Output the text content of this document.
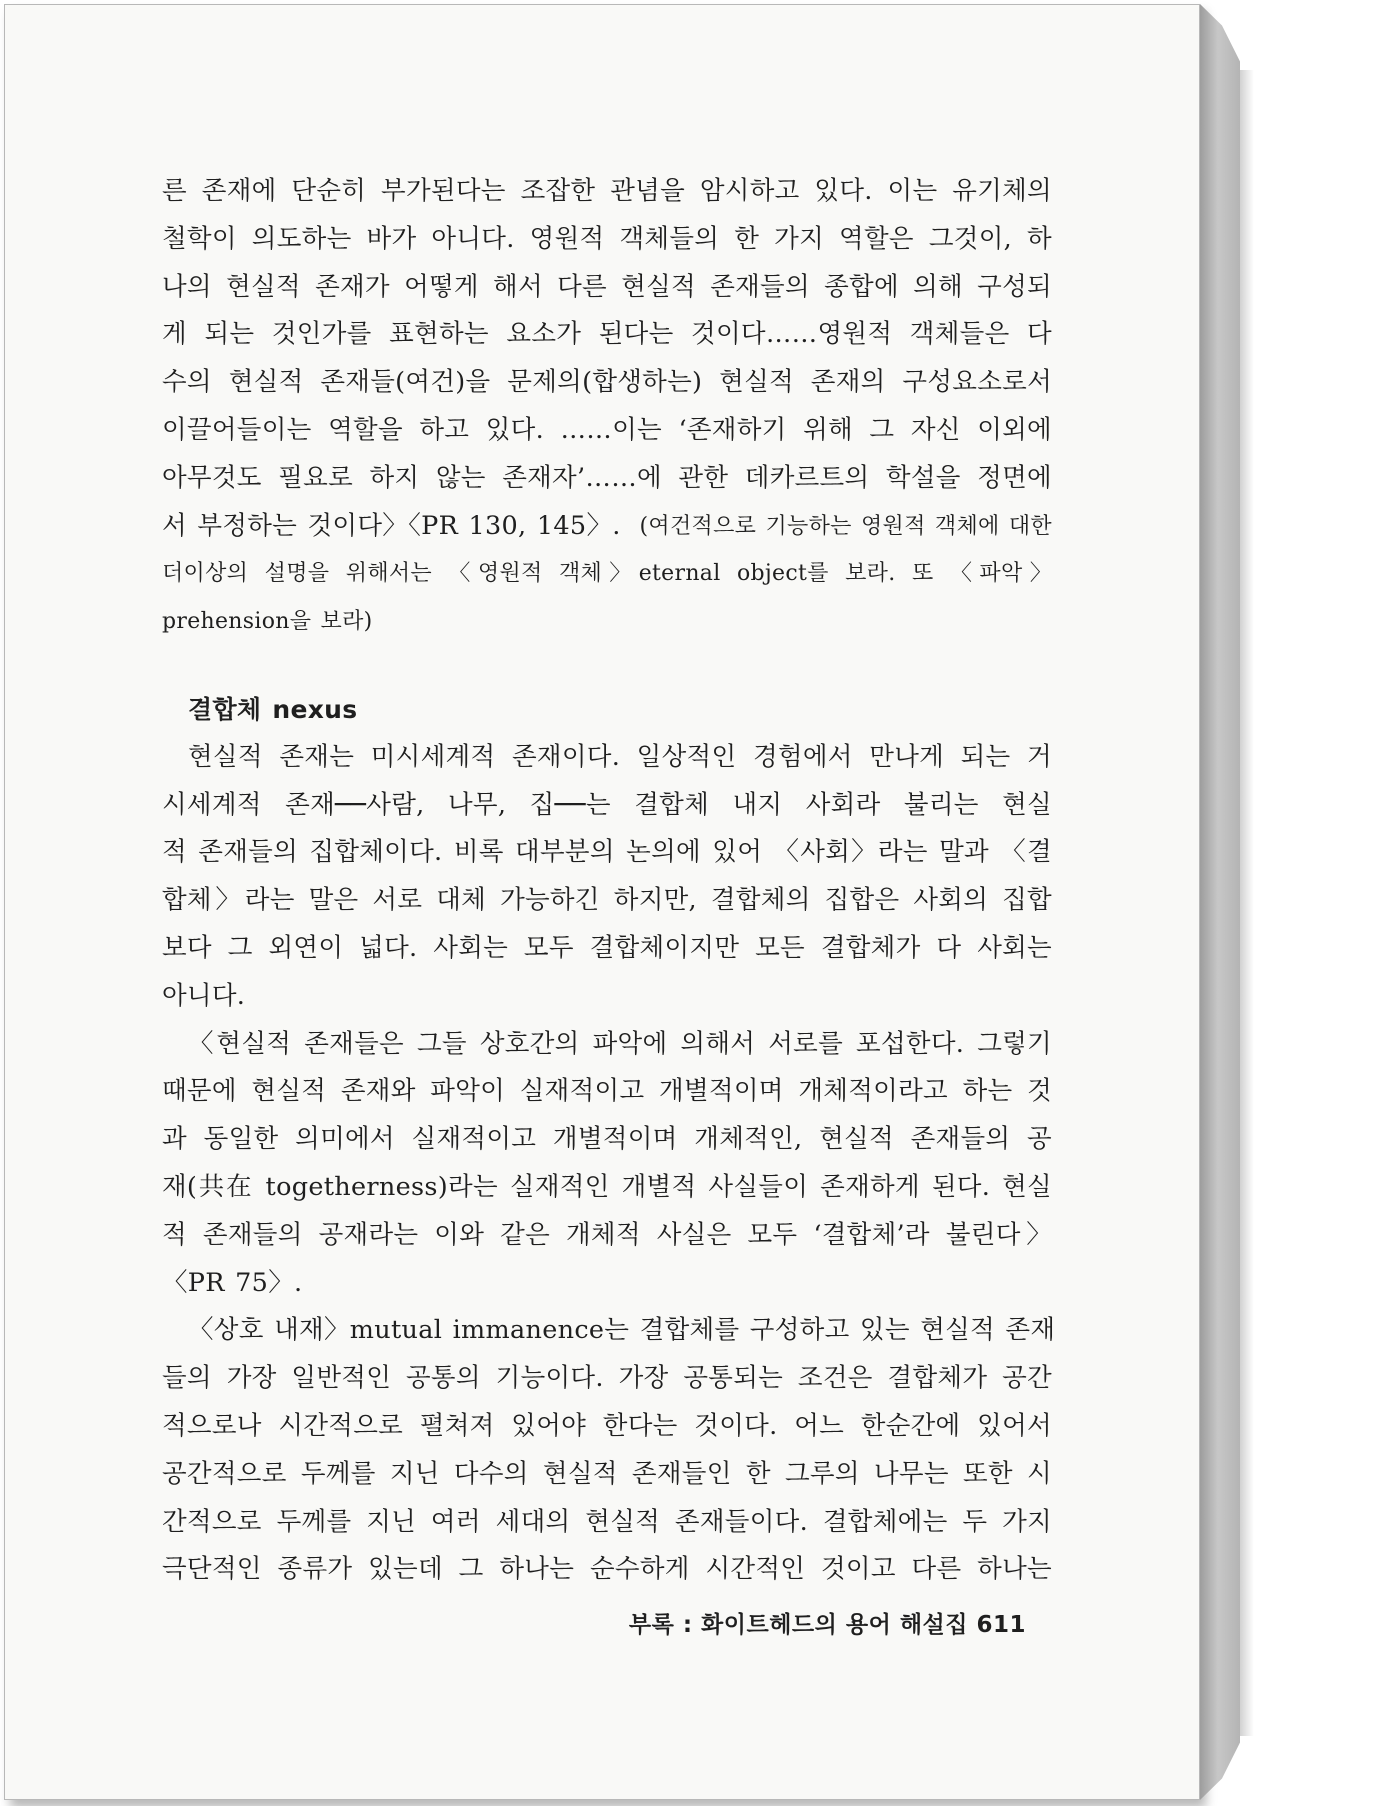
른 존재에 단순히 부가된다는 조잡한 관념을 암시하고 있다. 이는 유기체의
철학이 의도하는 바가 아니다. 영원적 객체들의 한 가지 역할은 그것이, 하
나의 현실적 존재가 어떻게 해서 다른 현실적 존재들의 종합에 의해 구성되
게 되는 것인가를 표현하는 요소가 된다는 것이다……영원적 객체들은 다
수의 현실적 존재들(여건)을 문제의(합생하는) 현실적 존재의 구성요소로서
이끌어들이는 역할을 하고 있다. ……이는 ‘존재하기 위해 그 자신 이외에
아무것도 필요로 하지 않는 존재자’……에 관한 데카르트의 학설을 정면에
서 부정하는 것이다〉〈PR 130, 145〉. (여건적으로 기능하는 영원적 객체에 대한
더이상의 설명을 위해서는 〈영원적 객체〉eternal object를 보라. 또 〈파악〉
prehension을 보라)
결합체 nexus
현실적 존재는 미시세계적 존재이다. 일상적인 경험에서 만나게 되는 거
시세계적 존재──사람, 나무, 집──는 결합체 내지 사회라 불리는 현실
적 존재들의 집합체이다. 비록 대부분의 논의에 있어 〈사회〉라는 말과 〈결
합체〉라는 말은 서로 대체 가능하긴 하지만, 결합체의 집합은 사회의 집합
보다 그 외연이 넓다. 사회는 모두 결합체이지만 모든 결합체가 다 사회는
아니다.
〈현실적 존재들은 그들 상호간의 파악에 의해서 서로를 포섭한다. 그렇기
때문에 현실적 존재와 파악이 실재적이고 개별적이며 개체적이라고 하는 것
과 동일한 의미에서 실재적이고 개별적이며 개체적인, 현실적 존재들의 공
재(共在 togetherness)라는 실재적인 개별적 사실들이 존재하게 된다. 현실
적 존재들의 공재라는 이와 같은 개체적 사실은 모두 ‘결합체’라 불린다〉
〈PR 75〉.
〈상호 내재〉mutual immanence는 결합체를 구성하고 있는 현실적 존재
들의 가장 일반적인 공통의 기능이다. 가장 공통되는 조건은 결합체가 공간
적으로나 시간적으로 펼쳐져 있어야 한다는 것이다. 어느 한순간에 있어서
공간적으로 두께를 지닌 다수의 현실적 존재들인 한 그루의 나무는 또한 시
간적으로 두께를 지닌 여러 세대의 현실적 존재들이다. 결합체에는 두 가지
극단적인 종류가 있는데 그 하나는 순수하게 시간적인 것이고 다른 하나는
부록 : 화이트헤드의 용어 해설집 611
